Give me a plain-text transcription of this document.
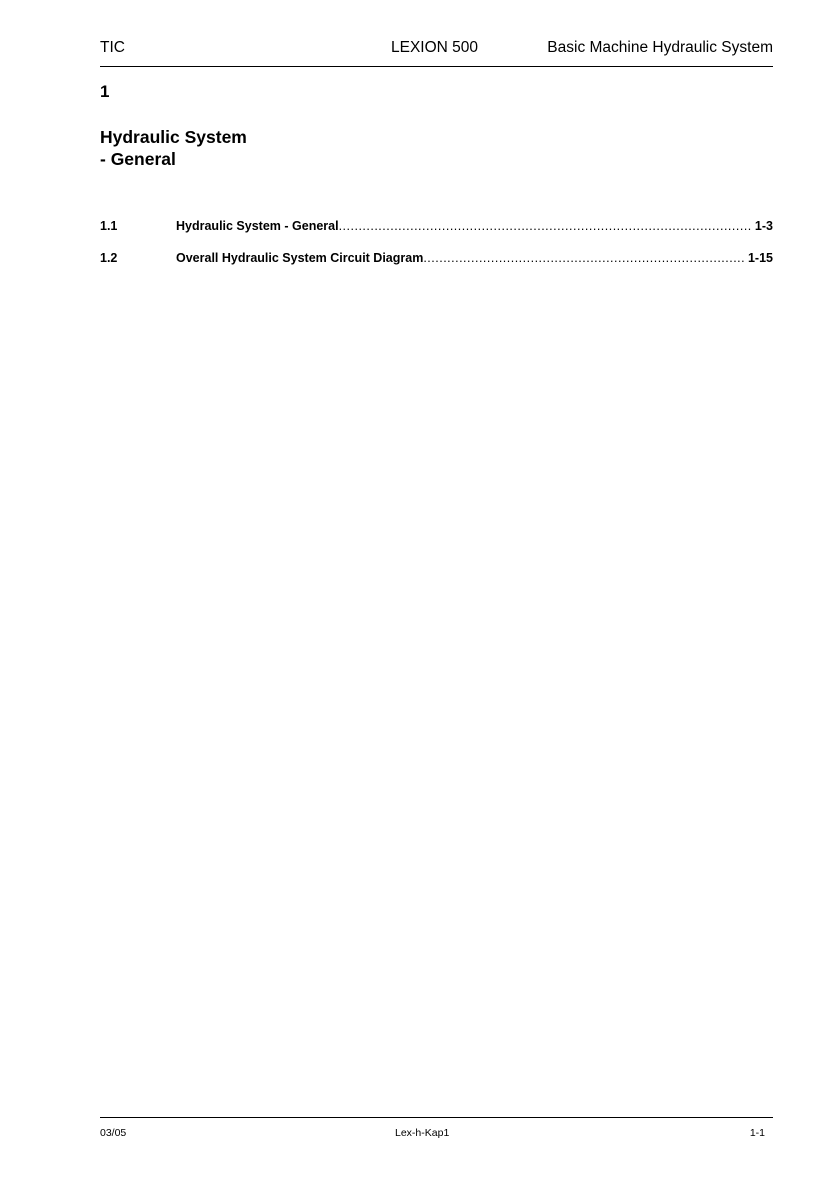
TIC	LEXION 500	Basic Machine Hydraulic System
1
Hydraulic System
- General
1.1	Hydraulic System - General .....	1-3
1.2	Overall Hydraulic System Circuit Diagram .....	1-15
03/05	Lex-h-Kap1	1-1
